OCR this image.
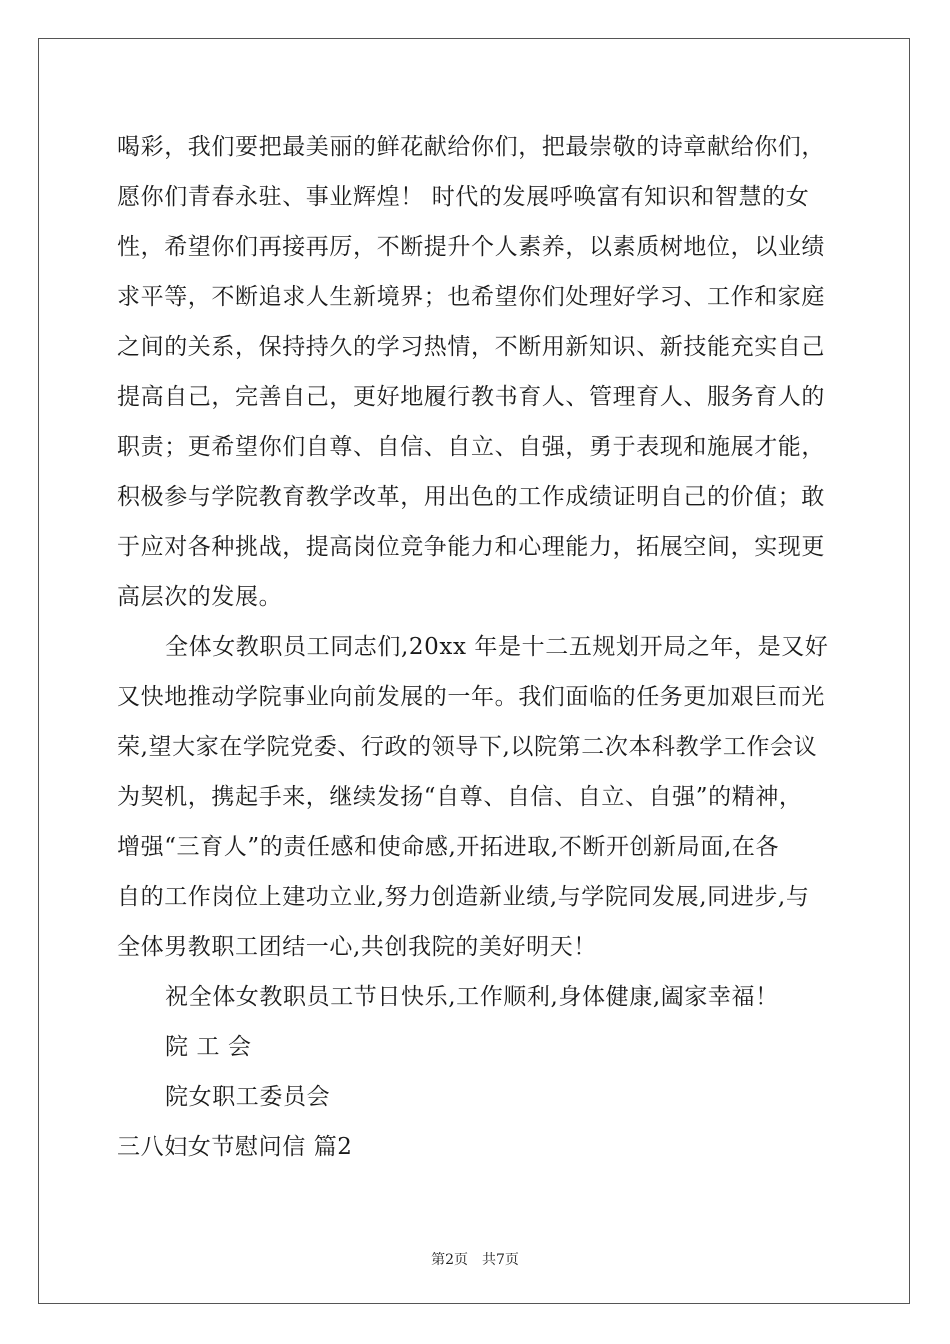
喝彩，我们要把最美丽的鲜花献给你们，把最崇敬的诗章献给你们，
愿你们青春永驻、事业辉煌！ 时代的发展呼唤富有知识和智慧的女
性，希望你们再接再厉，不断提升个人素养，以素质树地位，以业绩
求平等，不断追求人生新境界；也希望你们处理好学习、工作和家庭
之间的关系，保持持久的学习热情，不断用新知识、新技能充实自己
提高自己，完善自己，更好地履行教书育人、管理育人、服务育人的
职责；更希望你们自尊、自信、自立、自强，勇于表现和施展才能，
积极参与学院教育教学改革，用出色的工作成绩证明自己的价值；敢
于应对各种挑战，提高岗位竞争能力和心理能力，拓展空间，实现更
高层次的发展。
全体女教职员工同志们,20xx 年是十二五规划开局之年，是又好
又快地推动学院事业向前发展的一年。我们面临的任务更加艰巨而光
荣,望大家在学院党委、行政的领导下,以院第二次本科教学工作会议
为契机，携起手来，继续发扬“自尊、自信、自立、自强”的精神，
增强“三育人”的责任感和使命感,开拓进取,不断开创新局面,在各
自的工作岗位上建功立业,努力创造新业绩,与学院同发展,同进步,与
全体男教职工团结一心,共创我院的美好明天！
祝全体女教职员工节日快乐,工作顺利,身体健康,阖家幸福！
院 工 会
院女职工委员会
三八妇女节慰问信 篇2
第2页 共7页
